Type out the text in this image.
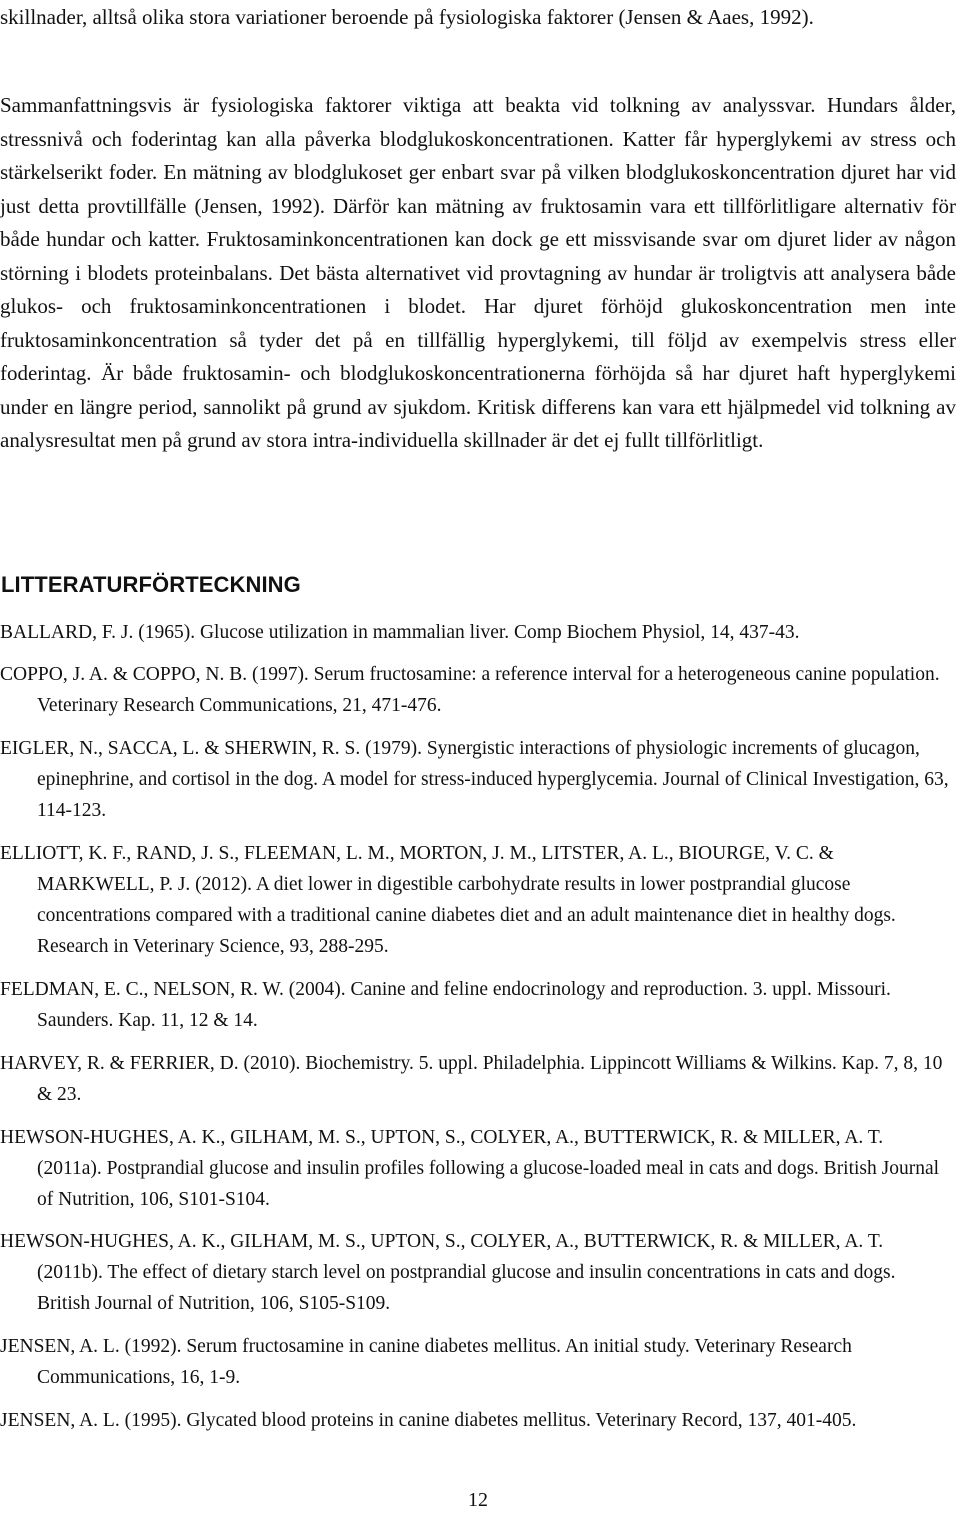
skillnader, alltså olika stora variationer beroende på fysiologiska faktorer (Jensen & Aaes, 1992).

Sammanfattningsvis är fysiologiska faktorer viktiga att beakta vid tolkning av analyssvar. Hundars ålder, stressnivå och foderintag kan alla påverka blodglukoskoncentrationen. Katter får hyperglykemi av stress och stärkelserikt foder. En mätning av blodglukoset ger enbart svar på vilken blodglukoskoncentration djuret har vid just detta provtillfälle (Jensen, 1992). Därför kan mätning av fruktosamin vara ett tillförlitligare alternativ för både hundar och katter. Fruktosaminkoncentrationen kan dock ge ett missvisande svar om djuret lider av någon störning i blodets proteinbalans. Det bästa alternativet vid provtagning av hundar är troligtvis att analysera både glukos- och fruktosaminkoncentrationen i blodet. Har djuret förhöjd glukoskoncentration men inte fruktosaminkoncentration så tyder det på en tillfällig hyperglykemi, till följd av exempelvis stress eller foderintag. Är både fruktosamin- och blodglukoskoncentrationerna förhöjda så har djuret haft hyperglykemi under en längre period, sannolikt på grund av sjukdom. Kritisk differens kan vara ett hjälpmedel vid tolkning av analysresultat men på grund av stora intra-individuella skillnader är det ej fullt tillförlitligt.

LITTERATURFÖRTECKNING

BALLARD, F. J. (1965). Glucose utilization in mammalian liver. Comp Biochem Physiol, 14, 437-43.

COPPO, J. A. & COPPO, N. B. (1997). Serum fructosamine: a reference interval for a heterogeneous canine population. Veterinary Research Communications, 21, 471-476.

EIGLER, N., SACCA, L. & SHERWIN, R. S. (1979). Synergistic interactions of physiologic increments of glucagon, epinephrine, and cortisol in the dog. A model for stress-induced hyperglycemia. Journal of Clinical Investigation, 63, 114-123.

ELLIOTT, K. F., RAND, J. S., FLEEMAN, L. M., MORTON, J. M., LITSTER, A. L., BIOURGE, V. C. & MARKWELL, P. J. (2012). A diet lower in digestible carbohydrate results in lower postprandial glucose concentrations compared with a traditional canine diabetes diet and an adult maintenance diet in healthy dogs. Research in Veterinary Science, 93, 288-295.

FELDMAN, E. C., NELSON, R. W. (2004). Canine and feline endocrinology and reproduction. 3. uppl. Missouri. Saunders. Kap. 11, 12 & 14.

HARVEY, R. & FERRIER, D. (2010). Biochemistry. 5. uppl. Philadelphia. Lippincott Williams & Wilkins. Kap. 7, 8, 10 & 23.

HEWSON-HUGHES, A. K., GILHAM, M. S., UPTON, S., COLYER, A., BUTTERWICK, R. & MILLER, A. T. (2011a). Postprandial glucose and insulin profiles following a glucose-loaded meal in cats and dogs. British Journal of Nutrition, 106, S101-S104.

HEWSON-HUGHES, A. K., GILHAM, M. S., UPTON, S., COLYER, A., BUTTERWICK, R. & MILLER, A. T. (2011b). The effect of dietary starch level on postprandial glucose and insulin concentrations in cats and dogs. British Journal of Nutrition, 106, S105-S109.

JENSEN, A. L. (1992). Serum fructosamine in canine diabetes mellitus. An initial study. Veterinary Research Communications, 16, 1-9.

JENSEN, A. L. (1995). Glycated blood proteins in canine diabetes mellitus. Veterinary Record, 137, 401-405.

12
